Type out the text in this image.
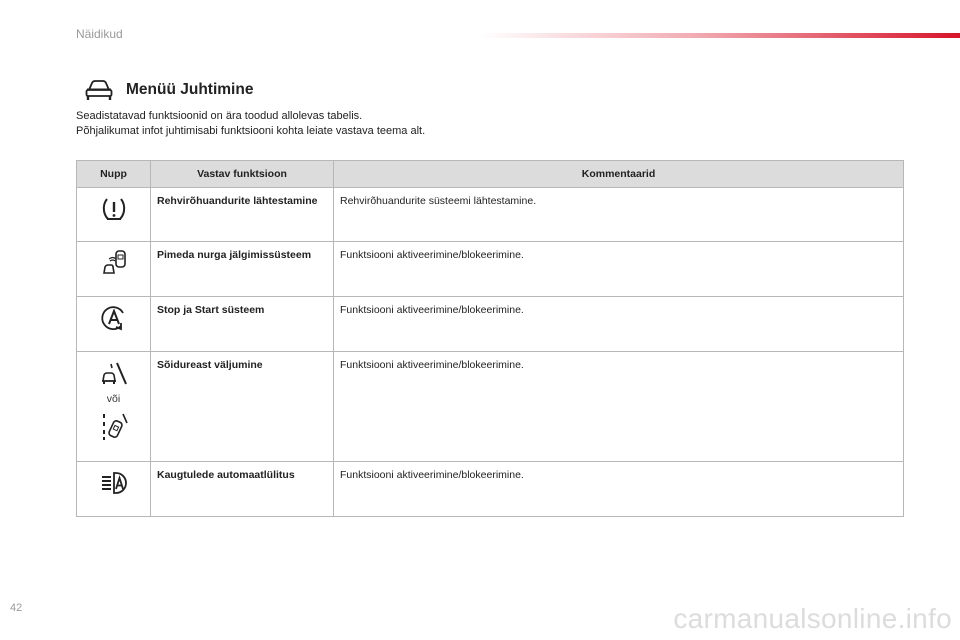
Näidikud
Menüü Juhtimine
Seadistatavad funktsioonid on ära toodud allolevas tabelis.
Põhjalikumat infot juhtimisabi funktsiooni kohta leiate vastava teema alt.
Nupp	Vastav funktsioon	Kommentaarid

	Rehvirõhuandurite lähtestamine	Rehvirõhuandurite süsteemi lähtestamine.

	Pimeda nurga jälgimissüsteem	Funktsiooni aktiveerimine/blokeerimine.

	Stop ja Start süsteem	Funktsiooni aktiveerimine/blokeerimine.

või	Sõidureast väljumine	Funktsiooni aktiveerimine/blokeerimine.

	Kaugtulede automaatlülitus	Funktsiooni aktiveerimine/blokeerimine.
42	carmanualsonline.info
